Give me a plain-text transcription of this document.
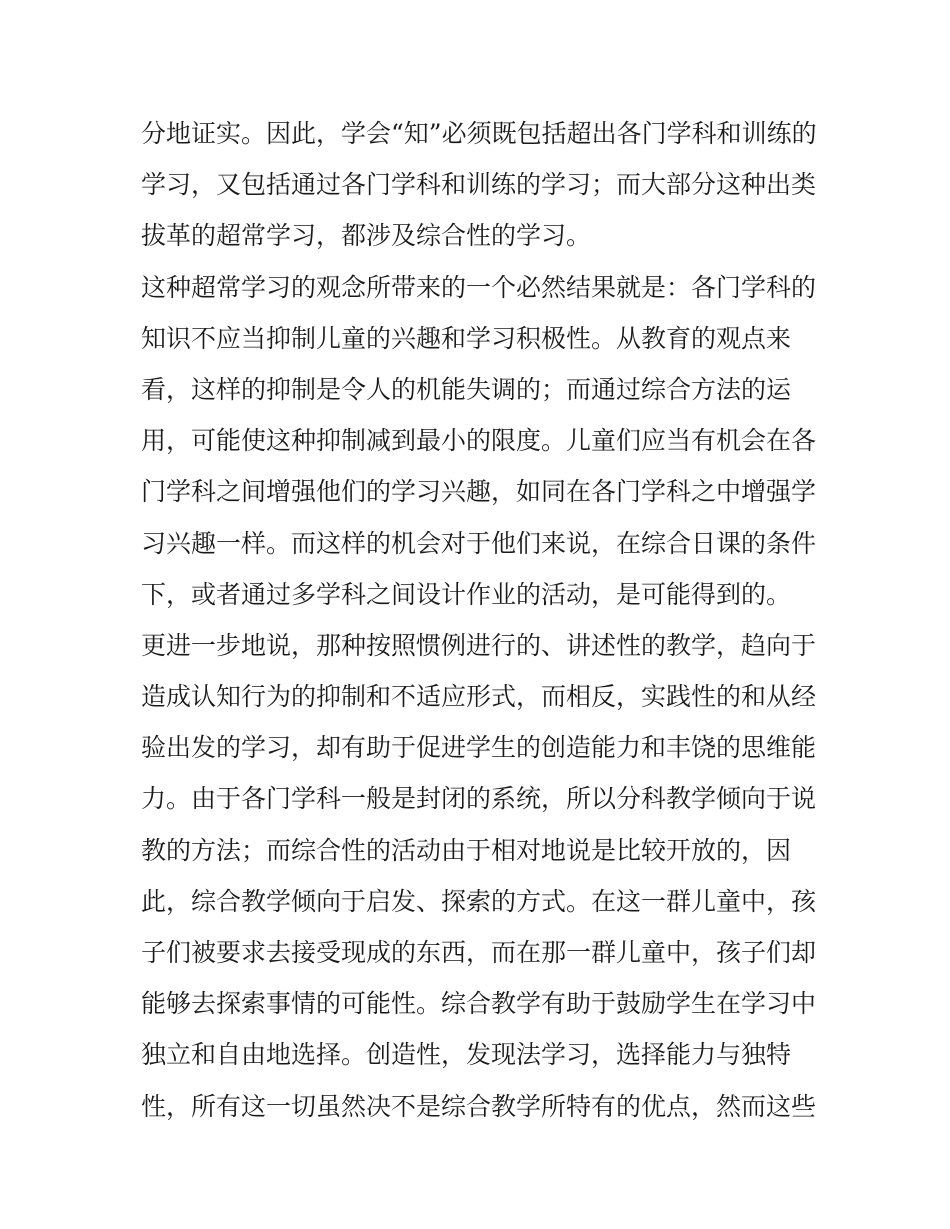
分地证实。因此，学会“知”必须既包括超出各门学科和训练的
学习，又包括通过各门学科和训练的学习；而大部分这种出类
拔革的超常学习，都涉及综合性的学习。
这种超常学习的观念所带来的一个必然结果就是：各门学科的
知识不应当抑制儿童的兴趣和学习积极性。从教育的观点来
看，这样的抑制是令人的机能失调的；而通过综合方法的运
用，可能使这种抑制减到最小的限度。儿童们应当有机会在各
门学科之间增强他们的学习兴趣，如同在各门学科之中增强学
习兴趣一样。而这样的机会对于他们来说，在综合日课的条件
下，或者通过多学科之间设计作业的活动，是可能得到的。
更进一步地说，那种按照惯例进行的、讲述性的教学，趋向于
造成认知行为的抑制和不适应形式，而相反，实践性的和从经
验出发的学习，却有助于促进学生的创造能力和丰饶的思维能
力。由于各门学科一般是封闭的系统，所以分科教学倾向于说
教的方法；而综合性的活动由于相对地说是比较开放的，因
此，综合教学倾向于启发、探索的方式。在这一群儿童中，孩
子们被要求去接受现成的东西，而在那一群儿童中，孩子们却
能够去探索事情的可能性。综合教学有助于鼓励学生在学习中
独立和自由地选择。创造性，发现法学习，选择能力与独特
性，所有这一切虽然决不是综合教学所特有的优点，然而这些
